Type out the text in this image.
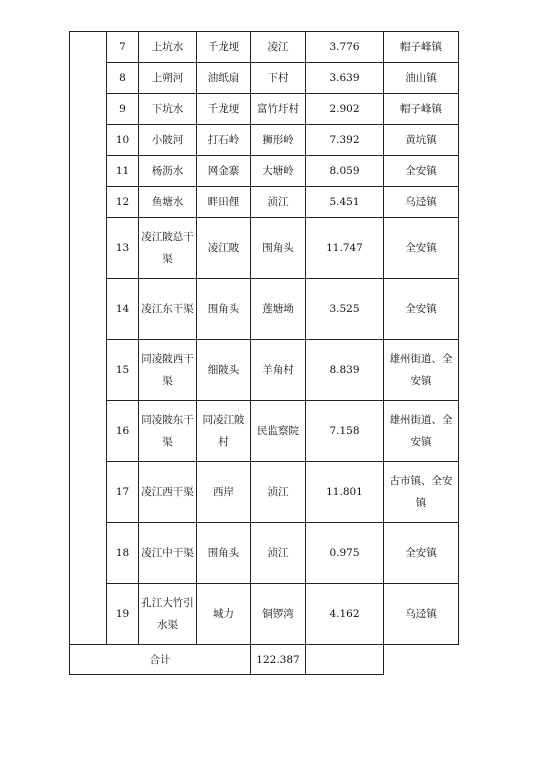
	7	上坑水	千龙埂	凌江	3.776	帽子峰镇
	8	上朔河	油纸扇	下村	3.639	油山镇
	9	下坑水	千龙埂	富竹圩村	2.902	帽子峰镇
	10	小陂河	打石岭	狮形岭	7.392	黄坑镇
	11	杨沥水	网金寨	大塘岭	8.059	全安镇
	12	鱼塘水	畔田俚	浈江	5.451	乌迳镇
	13	凌江陂总干渠	凌江陂	围角头	11.747	全安镇
	14	凌江东干渠	围角头	莲塘坳	3.525	全安镇
	15	同凌陂西干渠	细陂头	羊角村	8.839	雄州街道、全安镇
	16	同凌陂东干渠	同凌江陂村	民监察院	7.158	雄州街道、全安镇
	17	凌江西干渠	西岸	浈江	11.801	古市镇、全安镇
	18	凌江中干渠	围角头	浈江	0.975	全安镇
	19	孔江大竹引水渠	城力	铜锣湾	4.162	乌迳镇
合计				122.387		
